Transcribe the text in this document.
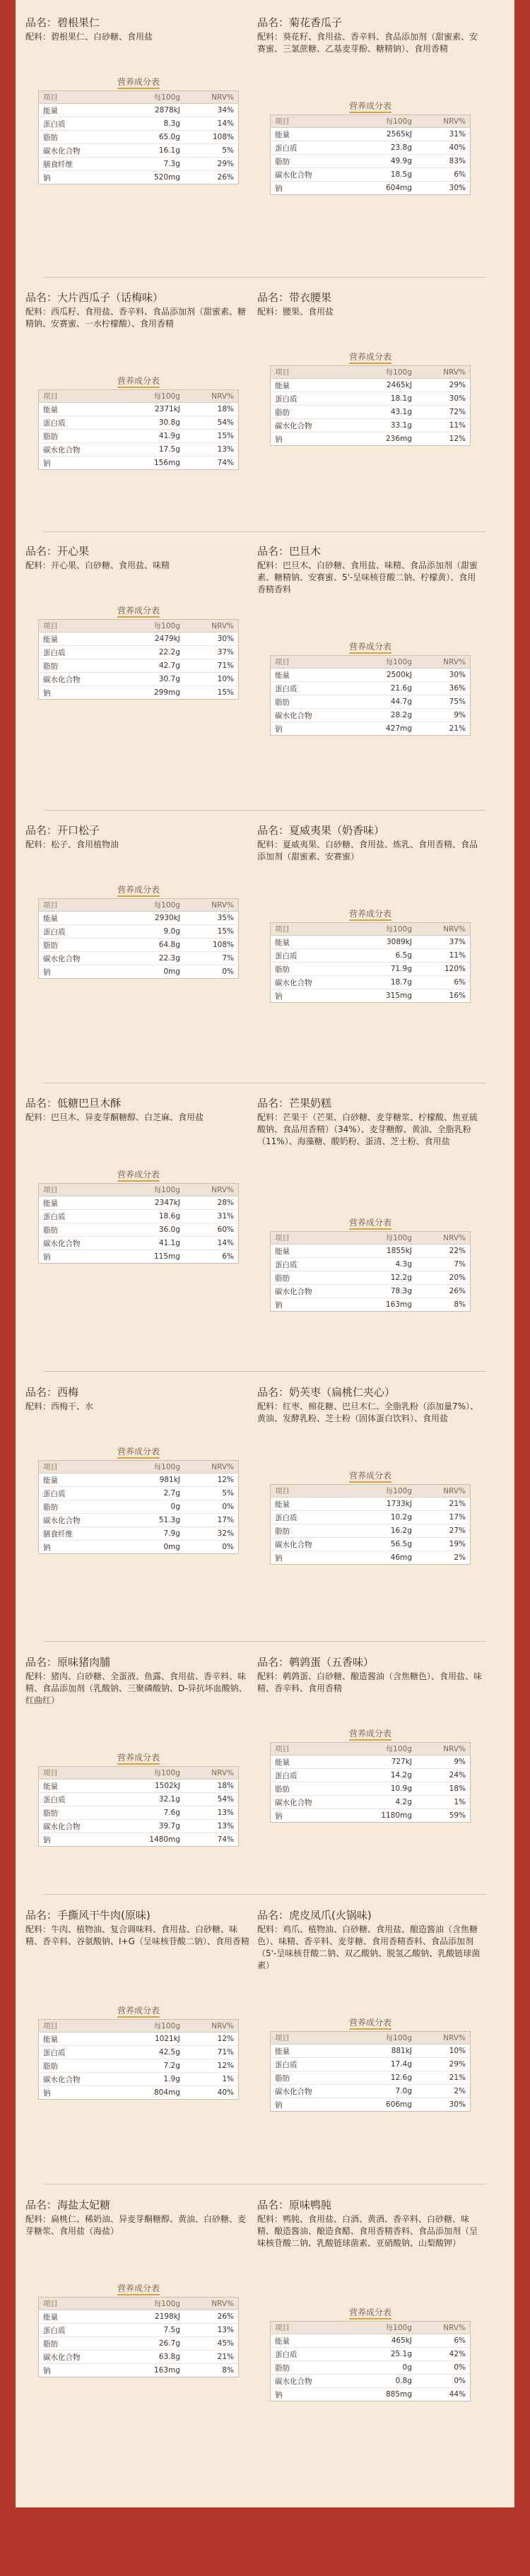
品名：碧根果仁
配料：碧根果仁、白砂糖、食用盐
营养成分表
项目	每100g	NRV%
能量	2878kJ	34%
蛋白质	8.3g	14%
脂肪	65.0g	108%
碳水化合物	16.1g	5%
膳食纤维	7.3g	29%
钠	520mg	26%
品名：菊花香瓜子
配料：葵花籽、食用盐、香辛料、食品添加剂（甜蜜素、安赛蜜、三氯蔗糖、乙基麦芽酚、糖精钠）、食用香精
营养成分表
项目	每100g	NRV%
能量	2565kJ	31%
蛋白质	23.8g	40%
脂肪	49.9g	83%
碳水化合物	18.5g	6%
钠	604mg	30%
品名：大片西瓜子（话梅味）
配料：西瓜籽、食用盐、香辛料、食品添加剂（甜蜜素、糖精钠、安赛蜜、一水柠檬酸）、食用香精
营养成分表
项目	每100g	NRV%
能量	2371kJ	18%
蛋白质	30.8g	54%
脂肪	41.9g	15%
碳水化合物	17.5g	13%
钠	156mg	74%
品名：带衣腰果
配料：腰果、食用盐
营养成分表
项目	每100g	NRV%
能量	2465kJ	29%
蛋白质	18.1g	30%
脂肪	43.1g	72%
碳水化合物	33.1g	11%
钠	236mg	12%
品名：开心果
配料：开心果、白砂糖、食用盐、味精
营养成分表
项目	每100g	NRV%
能量	2479kJ	30%
蛋白质	22.2g	37%
脂肪	42.7g	71%
碳水化合物	30.7g	10%
钠	299mg	15%
品名：巴旦木
配料：巴旦木、白砂糖、食用盐、味精、食品添加剂（甜蜜素、糖精钠、安赛蜜、5'-呈味核苷酸二钠、柠檬黄）、食用香精香料
营养成分表
项目	每100g	NRV%
能量	2500kJ	30%
蛋白质	21.6g	36%
脂肪	44.7g	75%
碳水化合物	28.2g	9%
钠	427mg	21%
品名：开口松子
配料：松子、食用植物油
营养成分表
项目	每100g	NRV%
能量	2930kJ	35%
蛋白质	9.0g	15%
脂肪	64.8g	108%
碳水化合物	22.3g	7%
钠	0mg	0%
品名：夏威夷果（奶香味）
配料：夏威夷果、白砂糖、食用盐、炼乳、食用香精、食品添加剂（甜蜜素、安赛蜜）
营养成分表
项目	每100g	NRV%
能量	3089kJ	37%
蛋白质	6.5g	11%
脂肪	71.9g	120%
碳水化合物	18.7g	6%
钠	315mg	16%
品名：低糖巴旦木酥
配料：巴旦木、异麦芽酮糖醇、白芝麻、食用盐
营养成分表
项目	每100g	NRV%
能量	2347kJ	28%
蛋白质	18.6g	31%
脂肪	36.0g	60%
碳水化合物	41.1g	14%
钠	115mg	6%
品名：芒果奶糕
配料：芒果干（芒果、白砂糖、麦芽糖浆、柠檬酸、焦亚硫酸钠、食品用香精）（34%）、麦芽糖醇、黄油、全脂乳粉（11%）、海藻糖、酸奶粉、蛋清、芝士粉、食用盐
营养成分表
项目	每100g	NRV%
能量	1855kJ	22%
蛋白质	4.3g	7%
脂肪	12.2g	20%
碳水化合物	78.3g	26%
钠	163mg	8%
品名：西梅
配料：西梅干、水
营养成分表
项目	每100g	NRV%
能量	981kJ	12%
蛋白质	2.7g	5%
脂肪	0g	0%
碳水化合物	51.3g	17%
膳食纤维	7.9g	32%
钠	0mg	0%
品名：奶芙枣（扁桃仁夹心）
配料：红枣、棉花糖、巴旦木仁、全脂乳粉（添加量7%）、黄油、发酵乳粉、芝士粉（固体蛋白饮料）、食用盐
营养成分表
项目	每100g	NRV%
能量	1733kJ	21%
蛋白质	10.2g	17%
脂肪	16.2g	27%
碳水化合物	56.5g	19%
钠	46mg	2%
品名：原味猪肉脯
配料：猪肉、白砂糖、全蛋液、鱼露、食用盐、香辛料、味精、食品添加剂（乳酸钠、三聚磷酸钠、D-异抗坏血酸钠、红曲红）
营养成分表
项目	每100g	NRV%
能量	1502kJ	18%
蛋白质	32.1g	54%
脂肪	7.6g	13%
碳水化合物	39.7g	13%
钠	1480mg	74%
品名：鹌鹑蛋（五香味）
配料：鹌鹑蛋、白砂糖、酿造酱油（含焦糖色）、食用盐、味精、香辛料、食用香精
营养成分表
项目	每100g	NRV%
能量	727kJ	9%
蛋白质	14.2g	24%
脂肪	10.9g	18%
碳水化合物	4.2g	1%
钠	1180mg	59%
品名：手撕风干牛肉(原味)
配料：牛肉、植物油、复合调味料、食用盐、白砂糖、味精、香辛料、谷氨酸钠、I+G（呈味核苷酸二钠）、食用香精
营养成分表
项目	每100g	NRV%
能量	1021kJ	12%
蛋白质	42.5g	71%
脂肪	7.2g	12%
碳水化合物	1.9g	1%
钠	804mg	40%
品名：虎皮凤爪(火锅味)
配料：鸡爪、植物油、白砂糖、食用盐、酿造酱油（含焦糖色）、味精、香辛料、麦芽糖、食用香精香料、食品添加剂（5'-呈味核苷酸二钠、双乙酸钠、脱氢乙酸钠、乳酸链球菌素）
营养成分表
项目	每100g	NRV%
能量	881kJ	10%
蛋白质	17.4g	29%
脂肪	12.6g	21%
碳水化合物	7.0g	2%
钠	606mg	30%
品名：海盐太妃糖
配料：扁桃仁、稀奶油、异麦芽酮糖醇、黄油、白砂糖、麦芽糖浆、食用盐（海盐）
营养成分表
项目	每100g	NRV%
能量	2198kJ	26%
蛋白质	7.5g	13%
脂肪	26.7g	45%
碳水化合物	63.8g	21%
钠	163mg	8%
品名：原味鸭肫
配料：鸭肫、食用盐、白酒、黄酒、香辛料、白砂糖、味精、酿造酱油、酿造食醋、食用香精香料、食品添加剂（呈味核苷酸二钠、乳酸链球菌素、亚硝酸钠、山梨酸钾）
营养成分表
项目	每100g	NRV%
能量	465kJ	6%
蛋白质	25.1g	42%
脂肪	0g	0%
碳水化合物	0.8g	0%
钠	885mg	44%
